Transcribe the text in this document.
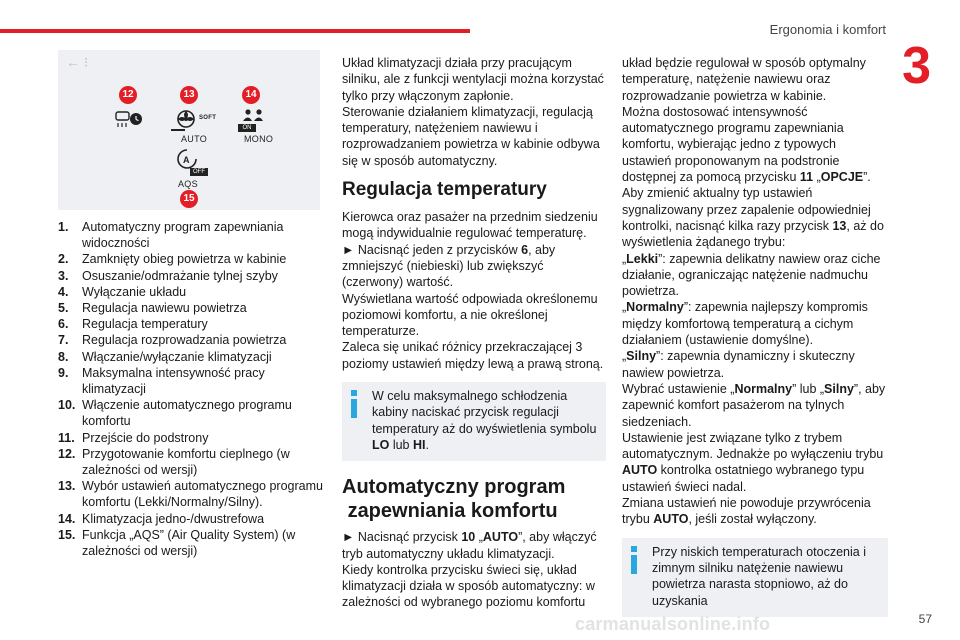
Ergonomia i komfort
3
← ⁝
12	13	14
SOFT
AUTO
ON
MONO
A
OFF
AQS
15
1.	Automatyczny program zapewniania widoczności
2.	Zamknięty obieg powietrza w kabinie
3.	Osuszanie/odmrażanie tylnej szyby
4.	Wyłączanie układu
5.	Regulacja nawiewu powietrza
6.	Regulacja temperatury
7.	Regulacja rozprowadzania powietrza
8.	Włączanie/wyłączanie klimatyzacji
9.	Maksymalna intensywność pracy klimatyzacji
10. Włączenie automatycznego programu komfortu
11. Przejście do podstrony
12. Przygotowanie komfortu cieplnego (w zależności od wersji)
13. Wybór ustawień automatycznego programu komfortu (Lekki/Normalny/Silny).
14. Klimatyzacja jedno-/dwustrefowa
15. Funkcja „AQS” (Air Quality System) (w zależności od wersji)

Układ klimatyzacji działa przy pracującym silniku, ale z funkcji wentylacji można korzystać tylko przy włączonym zapłonie.

Sterowanie działaniem klimatyzacji, regulacją temperatury, natężeniem nawiewu i rozprowadzaniem powietrza w kabinie odbywa się w sposób automatyczny.

Regulacja temperatury

Kierowca oraz pasażer na przednim siedzeniu mogą indywidualnie regulować temperaturę.

► Nacisnąć jeden z przycisków 6, aby zmniejszyć (niebieski) lub zwiększyć (czerwony) wartość.

Wyświetlana wartość odpowiada określonemu poziomowi komfortu, a nie określonej temperaturze.

Zaleca się unikać różnicy przekraczającej 3 poziomy ustawień między lewą a prawą stroną.

W celu maksymalnego schłodzenia kabiny naciskać przycisk regulacji temperatury aż do wyświetlenia symbolu LO lub HI.

Automatyczny program
zapewniania komfortu

► Nacisnąć przycisk 10 „AUTO”, aby włączyć tryb automatyczny układu klimatyzacji.

Kiedy kontrolka przycisku świeci się, układ klimatyzacji działa w sposób automatyczny: w zależności od wybranego poziomu komfortu

układ będzie regulował w sposób optymalny temperaturę, natężenie nawiewu oraz rozprowadzanie powietrza w kabinie.

Można dostosować intensywność automatycznego programu zapewniania komfortu, wybierając jedno z typowych ustawień proponowanym na podstronie dostępnej za pomocą przycisku 11 „OPCJE”.

Aby zmienić aktualny typ ustawień sygnalizowany przez zapalenie odpowiedniej kontrolki, nacisnąć kilka razy przycisk 13, aż do wyświetlenia żądanego trybu:

„Lekki”: zapewnia delikatny nawiew oraz ciche działanie, ograniczając natężenie nadmuchu powietrza.

„Normalny”: zapewnia najlepszy kompromis między komfortową temperaturą a cichym działaniem (ustawienie domyślne).

„Silny”: zapewnia dynamiczny i skuteczny nawiew powietrza.

Wybrać ustawienie „Normalny” lub „Silny”, aby zapewnić komfort pasażerom na tylnych siedzeniach.

Ustawienie jest związane tylko z trybem automatycznym. Jednakże po wyłączeniu trybu AUTO kontrolka ostatniego wybranego typu ustawień świeci nadal.

Zmiana ustawień nie powoduje przywrócenia trybu AUTO, jeśli został wyłączony.

Przy niskich temperaturach otoczenia i zimnym silniku natężenie nawiewu powietrza narasta stopniowo, aż do uzyskania

carmanualsonline.info	57
